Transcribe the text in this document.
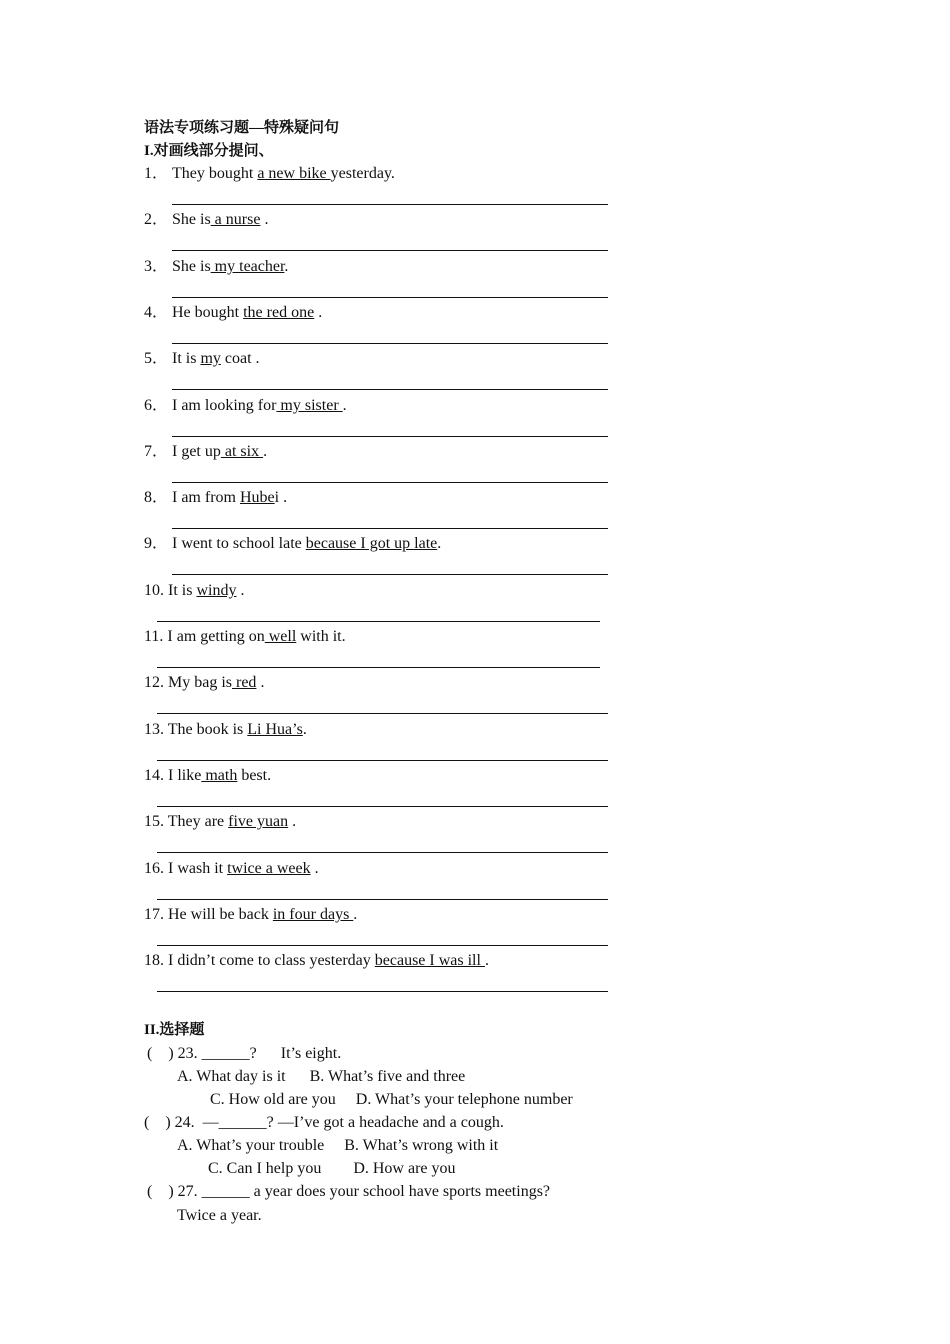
语法专项练习题—特殊疑问句
I.对画线部分提问、
1． They bought a new bike yesterday.
2． She is a nurse .
3． She is my teacher.
4． He bought the red one .
5． It is my coat .
6． I am looking for my sister .
7． I get up at six .
8． I am from Hubei .
9． I went to school late because I got up late.
10. It is windy .
11. I am getting on well with it.
12. My bag is red .
13. The book is Li Hua’s.
14. I like math best.
15. They are five yuan .
16. I wash it twice a week .
17. He will be back in four days .
18. I didn’t come to class yesterday because I was ill .
II.选择题
(    ) 23. ______?      It’s eight.
A. What day is it      B. What’s five and three
C. How old are you     D. What’s your telephone number
(    ) 24.  —______? —I’ve got a headache and a cough.
A. What’s your trouble     B. What’s wrong with it
C. Can I help you        D. How are you
(    ) 27. ______ a year does your school have sports meetings?
Twice a year.
